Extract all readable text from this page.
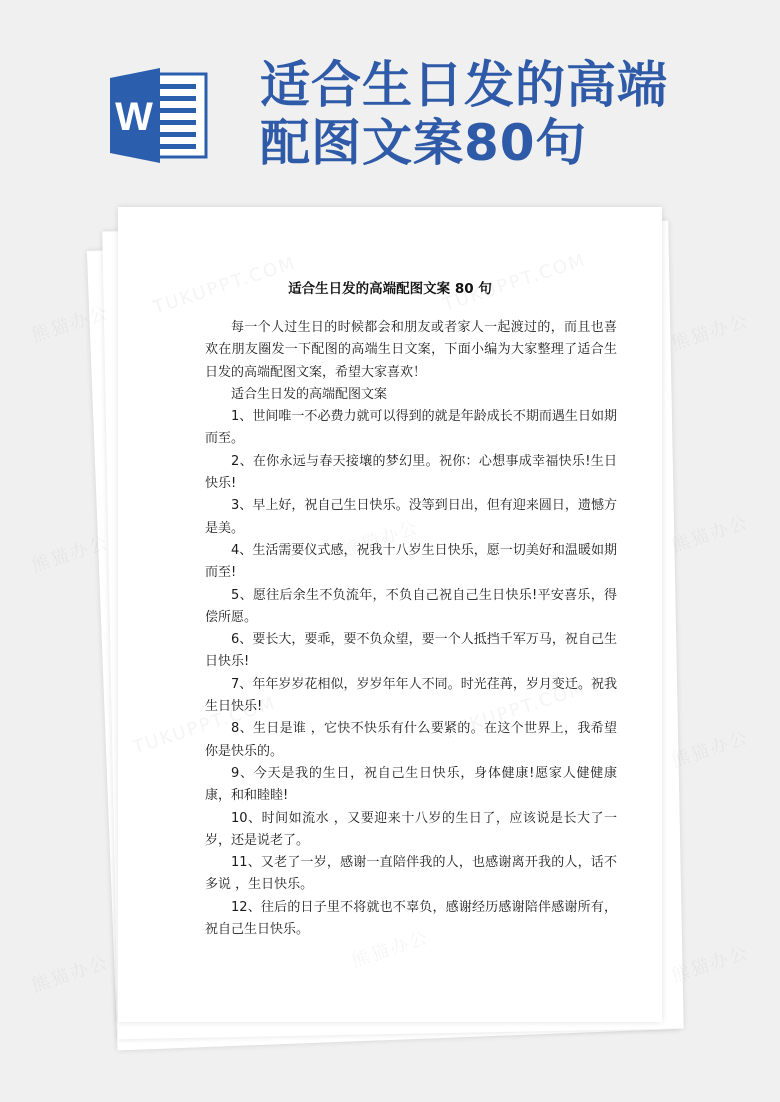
W
适合生日发的高端
配图文案80句
适合生日发的高端配图文案 80 句

每一个人过生日的时候都会和朋友或者家人一起渡过的，而且也喜欢在朋友圈发一下配图的高端生日文案，下面小编为大家整理了适合生日发的高端配图文案，希望大家喜欢！

适合生日发的高端配图文案

1、世间唯一不必费力就可以得到的就是年龄成长不期而遇生日如期而至。

2、在你永远与春天接壤的梦幻里。祝你：心想事成幸福快乐!生日快乐!

3、早上好，祝自己生日快乐。没等到日出，但有迎来圆日，遗憾方是美。

4、生活需要仪式感，祝我十八岁生日快乐，愿一切美好和温暖如期而至!

5、愿往后余生不负流年，不负自己祝自己生日快乐!平安喜乐，得偿所愿。

6、要长大，要乖，要不负众望，要一个人抵挡千军万马，祝自己生日快乐!

7、年年岁岁花相似，岁岁年年人不同。时光荏苒，岁月变迁。祝我生日快乐!

8、生日是谁 ，它快不快乐有什么要紧的。在这个世界上，我希望你是快乐的。

9、今天是我的生日，祝自己生日快乐，身体健康!愿家人健健康康，和和睦睦!

10、时间如流水 ，又要迎来十八岁的生日了，应该说是长大了一岁，还是说老了。

11、又老了一岁，感谢一直陪伴我的人，也感谢离开我的人，话不多说 ，生日快乐。

12、往后的日子里不将就也不辜负，感谢经历感谢陪伴感谢所有，祝自己生日快乐。
